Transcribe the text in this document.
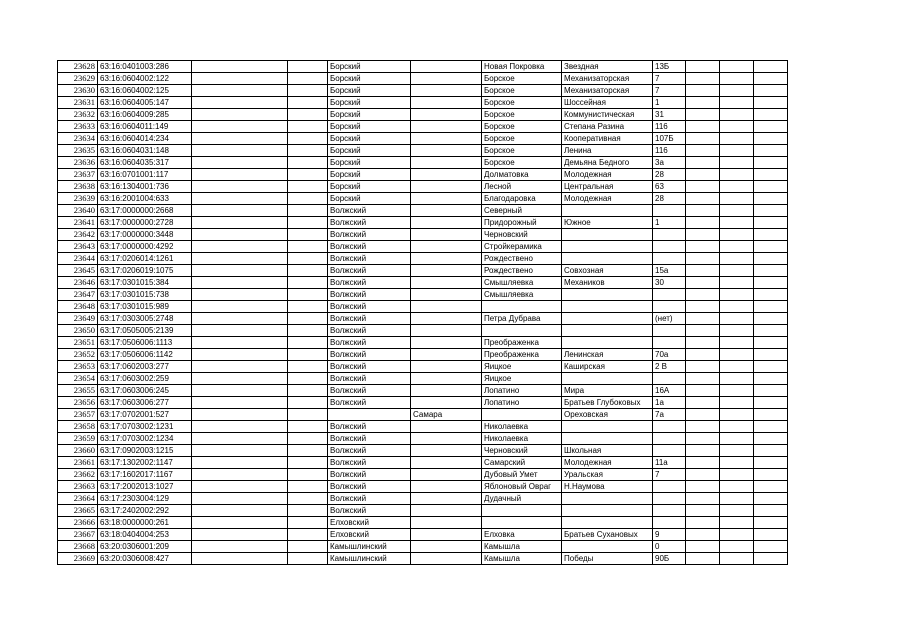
23628	63:16:0401003:286			Борский		Новая Покровка	Звездная	13Б			
23629	63:16:0604002:122			Борский		Борское	Механизаторская	7			
23630	63:16:0604002:125			Борский		Борское	Механизаторская	7			
23631	63:16:0604005:147			Борский		Борское	Шоссейная	1			
23632	63:16:0604009:285			Борский		Борское	Коммунистическая	31			
23633	63:16:0604011:149			Борский		Борское	Степана Разина	116			
23634	63:16:0604014:234			Борский		Борское	Кооперативная	107Б			
23635	63:16:0604031:148			Борский		Борское	Ленина	116			
23636	63:16:0604035:317			Борский		Борское	Демьяна Бедного	3а			
23637	63:16:0701001:117			Борский		Долматовка	Молодежная	28			
23638	63:16:1304001:736			Борский		Лесной	Центральная	63			
23639	63:16:2001004:633			Борский		Благодаровка	Молодежная	28			
23640	63:17:0000000:2668			Волжский		Северный					
23641	63:17:0000000:2728			Волжский		Придорожный	Южное	1			
23642	63:17:0000000:3448			Волжский		Черновский					
23643	63:17:0000000:4292			Волжский		Стройкерамика					
23644	63:17:0206014:1261			Волжский		Рождествено					
23645	63:17:0206019:1075			Волжский		Рождествено	Совхозная	15а			
23646	63:17:0301015:384			Волжский		Смышляевка	Механиков	30			
23647	63:17:0301015:738			Волжский		Смышляевка					
23648	63:17:0301015:989			Волжский							
23649	63:17:0303005:2748			Волжский		Петра Дубрава		(нет)			
23650	63:17:0505005:2139			Волжский							
23651	63:17:0506006:1113			Волжский		Преображенка					
23652	63:17:0506006:1142			Волжский		Преображенка	Ленинская	70а			
23653	63:17:0602003:277			Волжский		Яицкое	Каширская	2 В			
23654	63:17:0603002:259			Волжский		Яицкое					
23655	63:17:0603006:245			Волжский		Лопатино	Мира	16А			
23656	63:17:0603006:277			Волжский		Лопатино	Братьев Глубоковых	1а			
23657	63:17:0702001:527				Самара		Ореховская	7а			
23658	63:17:0703002:1231			Волжский		Николаевка					
23659	63:17:0703002:1234			Волжский		Николаевка					
23660	63:17:0902003:1215			Волжский		Черновский	Школьная				
23661	63:17:1302002:1147			Волжский		Самарский	Молодежная	11а			
23662	63:17:1602017:1167			Волжский		Дубовый Умет	Уральская	7			
23663	63:17:2002013:1027			Волжский		Яблоновый Овраг	Н.Наумова				
23664	63:17:2303004:129			Волжский		Дудачный					
23665	63:17:2402002:292			Волжский							
23666	63:18:0000000:261			Елховский							
23667	63:18:0404004:253			Елховский		Елховка	Братьев Сухановых	9			
23668	63:20:0306001:209			Камышлинский		Камышла		0			
23669	63:20:0306008:427			Камышлинский		Камышла	Победы	90Б			
